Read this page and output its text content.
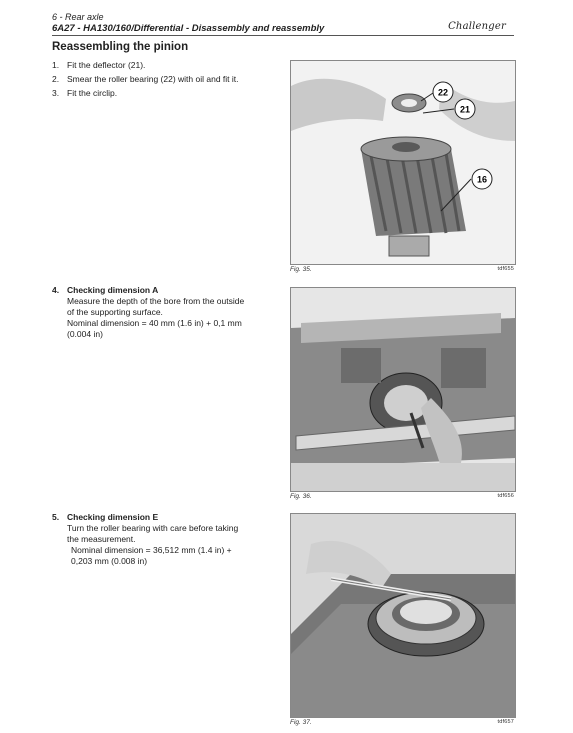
6 - Rear axle
6A27 - HA130/160/Differential - Disassembly and reassembly	Challenger
Reassembling the pinion
1. Fit the deflector (21).
2. Smear the roller bearing (22) with oil and fit it.
3. Fit the circlip.
4. Checking dimension A
Measure the depth of the bore from the outside
of the supporting surface.
Nominal dimension = 40 mm (1.6 in) + 0,1 mm
(0.004 in)
5. Checking dimension E
Turn the roller bearing with care before taking
the measurement.
Nominal dimension = 36,512 mm (1.4 in) +
0,203 mm (0.008 in)
22
21
16
Fig. 35.	tdf655
Fig. 36.	tdf656
Fig. 37.	tdf657
